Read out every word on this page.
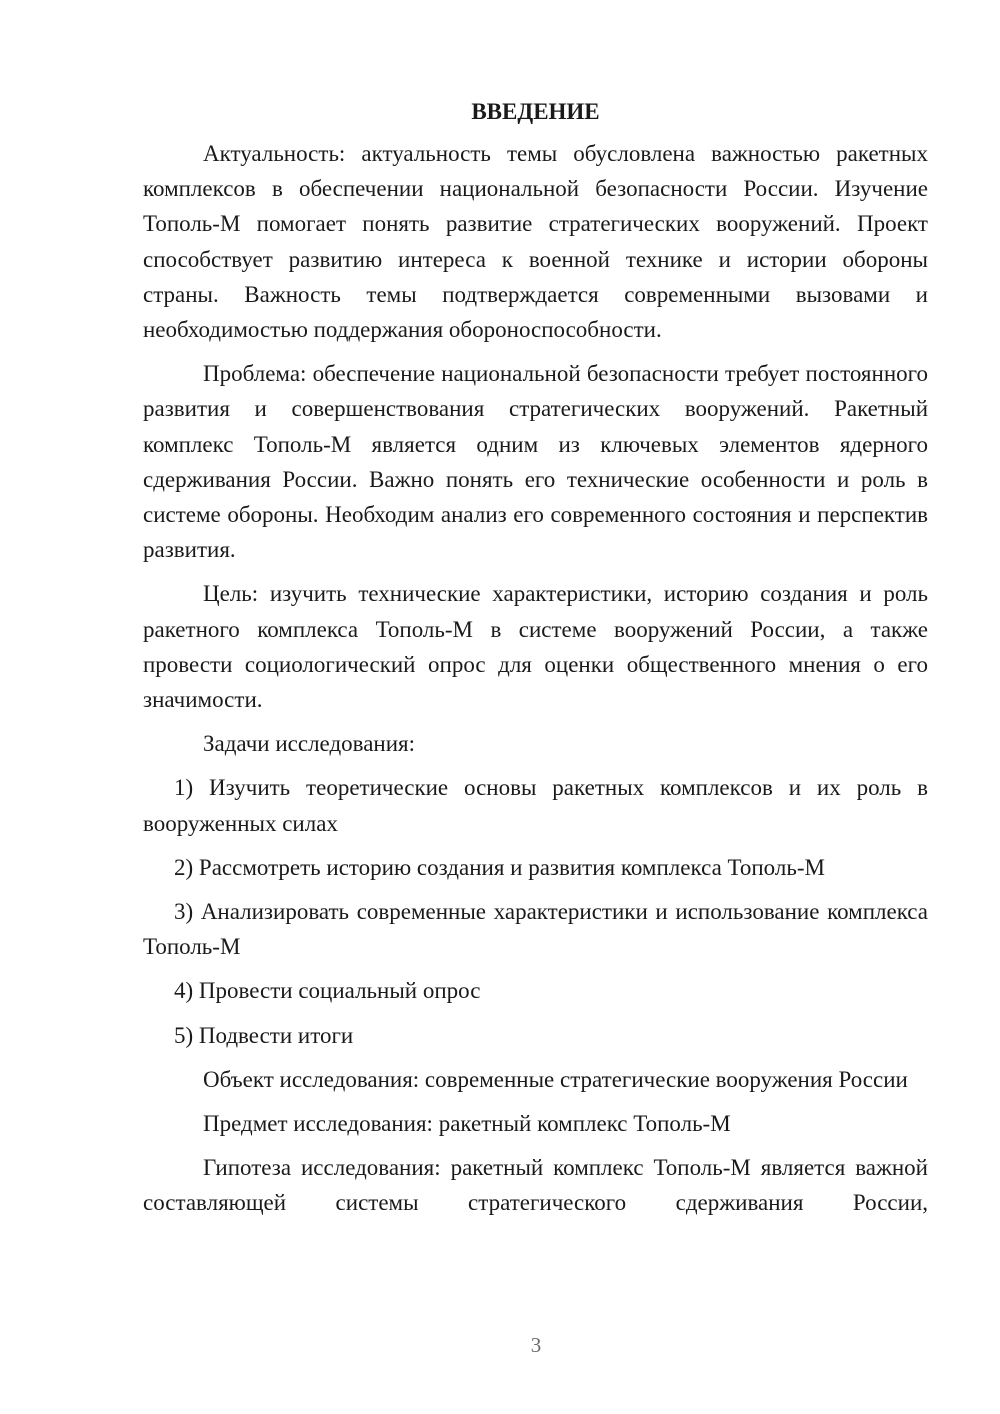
ВВЕДЕНИЕ

Актуальность: актуальность темы обусловлена важностью ракетных комплексов в обеспечении национальной безопасности России. Изучение Тополь-М помогает понять развитие стратегических вооружений. Проект способствует развитию интереса к военной технике и истории обороны страны. Важность темы подтверждается современными вызовами и необходимостью поддержания обороноспособности.

Проблема: обеспечение национальной безопасности требует постоянного развития и совершенствования стратегических вооружений. Ракетный комплекс Тополь-М является одним из ключевых элементов ядерного сдерживания России. Важно понять его технические особенности и роль в системе обороны. Необходим анализ его современного состояния и перспектив развития.

Цель: изучить технические характеристики, историю создания и роль ракетного комплекса Тополь-М в системе вооружений России, а также провести социологический опрос для оценки общественного мнения о его значимости.

Задачи исследования:

1) Изучить теоретические основы ракетных комплексов и их роль в вооруженных силах

2) Рассмотреть историю создания и развития комплекса Тополь-М

3) Анализировать современные характеристики и использование комплекса Тополь-М

4) Провести социальный опрос

5) Подвести итоги

Объект исследования: современные стратегические вооружения России

Предмет исследования: ракетный комплекс Тополь-М

Гипотеза исследования: ракетный комплекс Тополь-М является важной составляющей системы стратегического сдерживания России,

3
